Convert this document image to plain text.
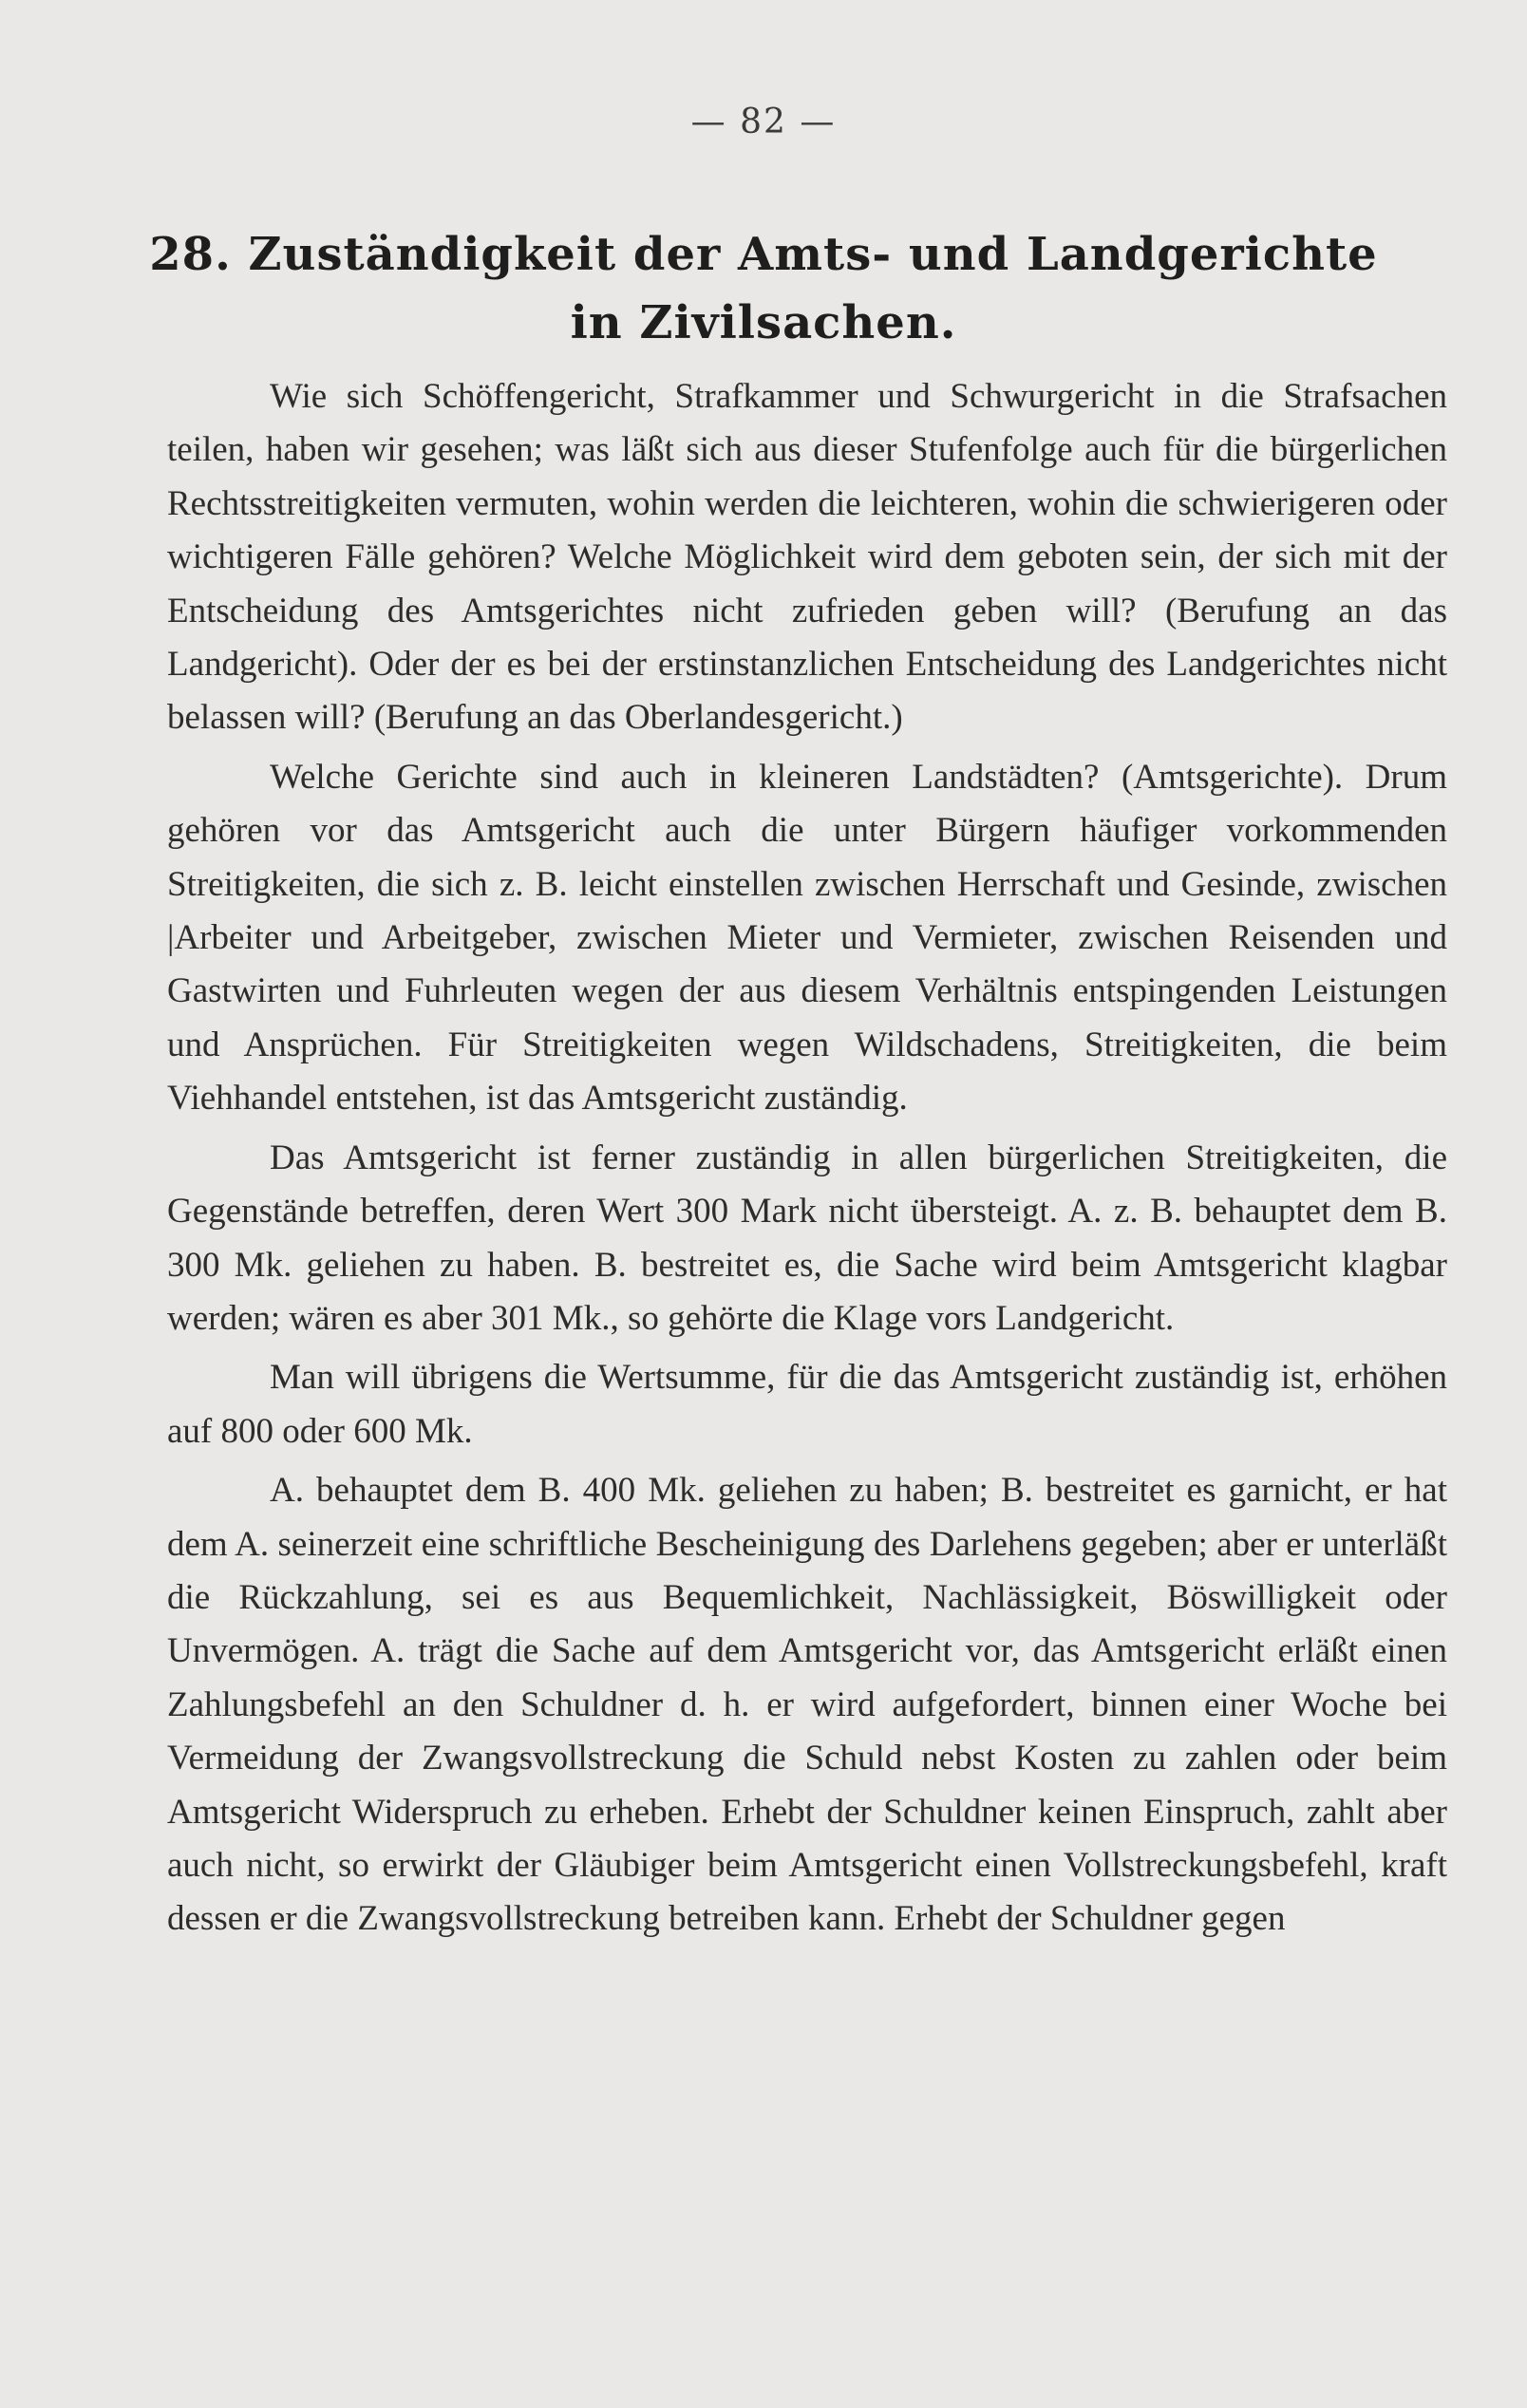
— 82 —
28. Zuständigkeit der Amts- und Landgerichte
in Zivilsachen.

Wie sich Schöffengericht, Strafkammer und Schwurgericht in die Strafsachen teilen, haben wir gesehen; was läßt sich aus dieser Stufenfolge auch für die bürgerlichen Rechtsstreitigkeiten vermuten, wohin werden die leichteren, wohin die schwierigeren oder wichtigeren Fälle gehören? Welche Möglichkeit wird dem geboten sein, der sich mit der Entscheidung des Amtsgerichtes nicht zufrieden geben will? (Berufung an das Landgericht). Oder der es bei der erstinstanzlichen Entscheidung des Landgerichtes nicht belassen will? (Berufung an das Oberlandesgericht.)

Welche Gerichte sind auch in kleineren Landstädten? (Amtsgerichte). Drum gehören vor das Amtsgericht auch die unter Bürgern häufiger vorkommenden Streitigkeiten, die sich z. B. leicht einstellen zwischen Herrschaft und Gesinde, zwischen |Arbeiter und Arbeitgeber, zwischen Mieter und Vermieter, zwischen Reisenden und Gastwirten und Fuhrleuten wegen der aus diesem Verhältnis entspingenden Leistungen und Ansprüchen. Für Streitigkeiten wegen Wildschadens, Streitigkeiten, die beim Viehhandel entstehen, ist das Amtsgericht zuständig.

Das Amtsgericht ist ferner zuständig in allen bürgerlichen Streitigkeiten, die Gegenstände betreffen, deren Wert 300 Mark nicht übersteigt. A. z. B. behauptet dem B. 300 Mk. geliehen zu haben. B. bestreitet es, die Sache wird beim Amtsgericht klagbar werden; wären es aber 301 Mk., so gehörte die Klage vors Landgericht.

Man will übrigens die Wertsumme, für die das Amtsgericht zuständig ist, erhöhen auf 800 oder 600 Mk.

A. behauptet dem B. 400 Mk. geliehen zu haben; B. bestreitet es garnicht, er hat dem A. seinerzeit eine schriftliche Bescheinigung des Darlehens gegeben; aber er unterläßt die Rückzahlung, sei es aus Bequemlichkeit, Nachlässigkeit, Böswilligkeit oder Unvermögen. A. trägt die Sache auf dem Amtsgericht vor, das Amtsgericht erläßt einen Zahlungsbefehl an den Schuldner d. h. er wird aufgefordert, binnen einer Woche bei Vermeidung der Zwangsvollstreckung die Schuld nebst Kosten zu zahlen oder beim Amtsgericht Widerspruch zu erheben. Erhebt der Schuldner keinen Einspruch, zahlt aber auch nicht, so erwirkt der Gläubiger beim Amtsgericht einen Vollstreckungsbefehl, kraft dessen er die Zwangsvollstreckung betreiben kann. Erhebt der Schuldner gegen
